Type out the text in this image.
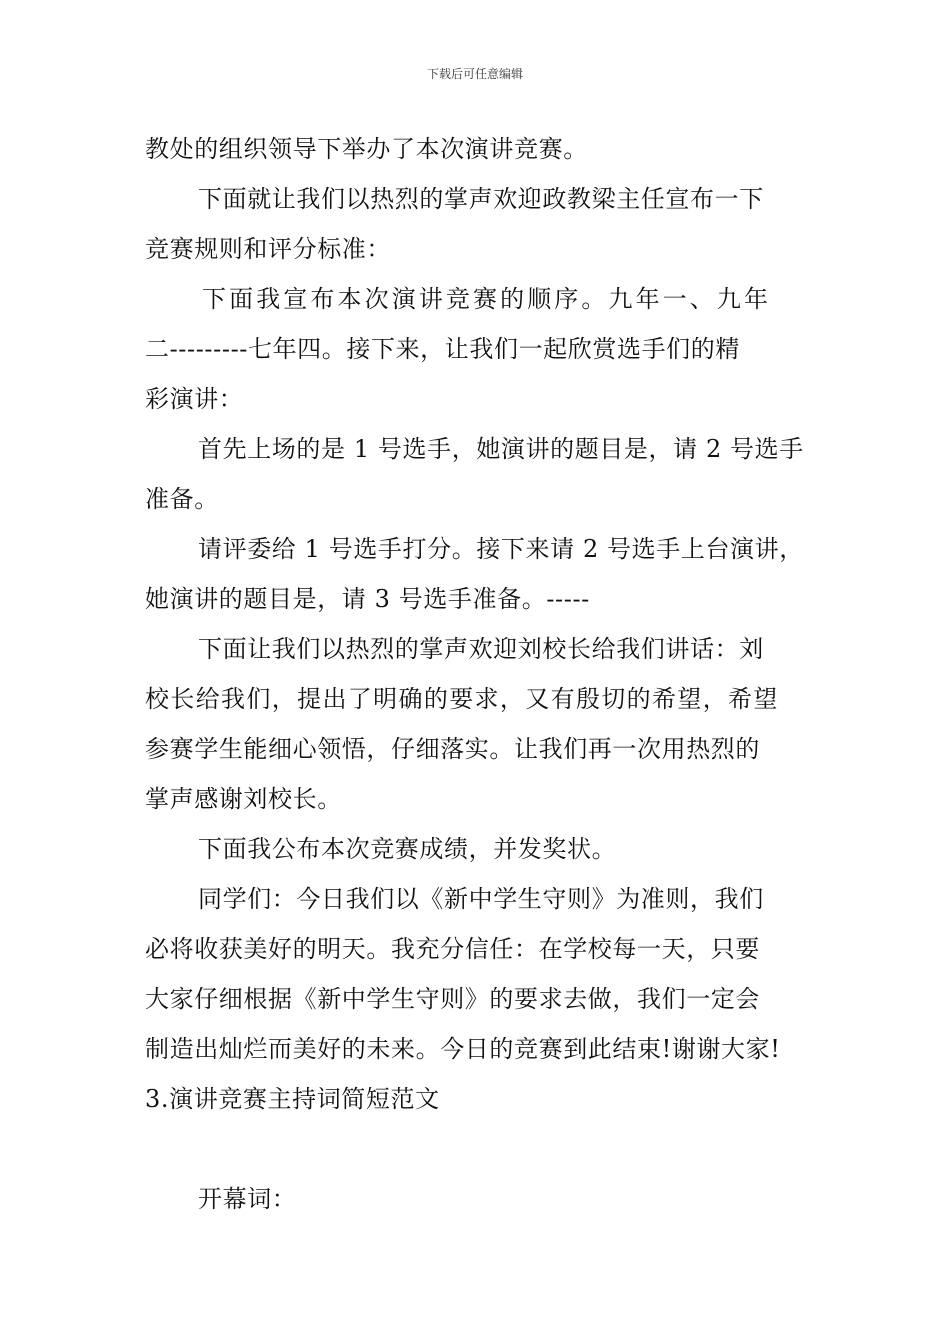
下载后可任意编辑
教处的组织领导下举办了本次演讲竞赛。
下面就让我们以热烈的掌声欢迎政教梁主任宣布一下
竞赛规则和评分标准：
下面我宣布本次演讲竞赛的顺序。九年一、九年
二---------七年四。接下来，让我们一起欣赏选手们的精
彩演讲：
首先上场的是 1 号选手，她演讲的题目是，请 2 号选手
准备。
请评委给 1 号选手打分。接下来请 2 号选手上台演讲，
她演讲的题目是，请 3 号选手准备。-----
下面让我们以热烈的掌声欢迎刘校长给我们讲话：刘
校长给我们，提出了明确的要求，又有殷切的希望，希望
参赛学生能细心领悟，仔细落实。让我们再一次用热烈的
掌声感谢刘校长。
下面我公布本次竞赛成绩，并发奖状。
同学们：今日我们以《新中学生守则》为准则，我们
必将收获美好的明天。我充分信任：在学校每一天，只要
大家仔细根据《新中学生守则》的要求去做，我们一定会
制造出灿烂而美好的未来。今日的竞赛到此结束!谢谢大家!
3.演讲竞赛主持词简短范文
开幕词：
